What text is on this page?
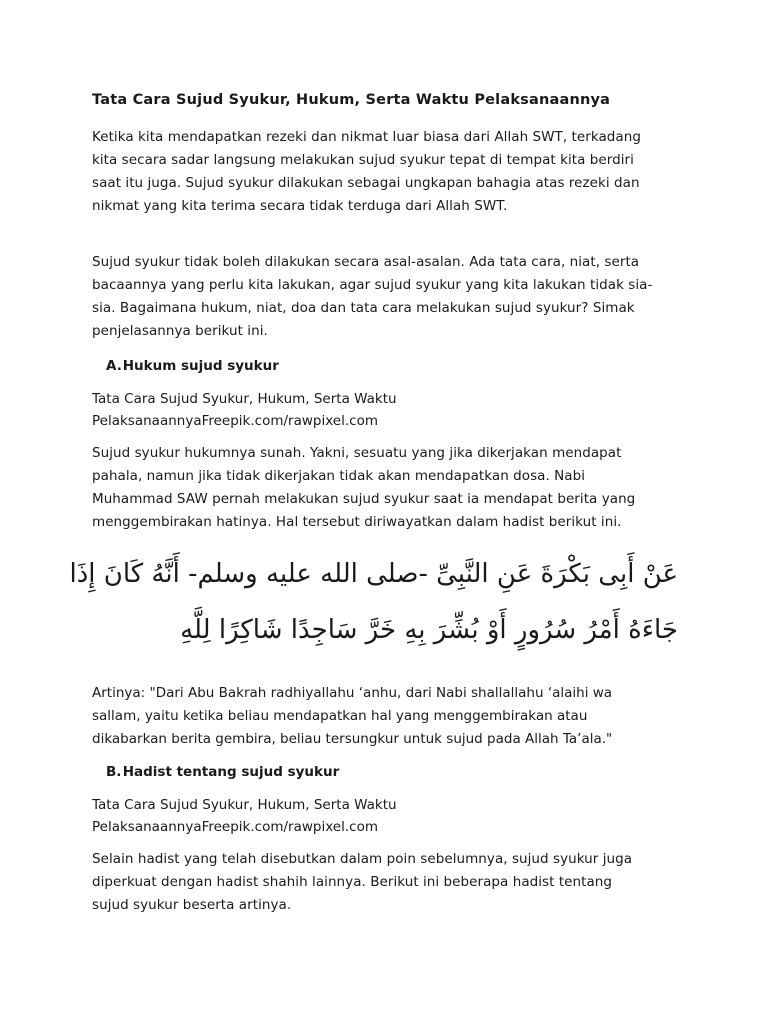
Tata Cara Sujud Syukur, Hukum, Serta Waktu Pelaksanaannya

Ketika kita mendapatkan rezeki dan nikmat luar biasa dari Allah SWT, terkadang
kita secara sadar langsung melakukan sujud syukur tepat di tempat kita berdiri
saat itu juga. Sujud syukur dilakukan sebagai ungkapan bahagia atas rezeki dan
nikmat yang kita terima secara tidak terduga dari Allah SWT.

Sujud syukur tidak boleh dilakukan secara asal-asalan. Ada tata cara, niat, serta
bacaannya yang perlu kita lakukan, agar sujud syukur yang kita lakukan tidak sia-
sia. Bagaimana hukum, niat, doa dan tata cara melakukan sujud syukur? Simak
penjelasannya berikut ini.

A. Hukum sujud syukur
Tata Cara Sujud Syukur, Hukum, Serta Waktu
PelaksanaannyaFreepik.com/rawpixel.com

Sujud syukur hukumnya sunah. Yakni, sesuatu yang jika dikerjakan mendapat
pahala, namun jika tidak dikerjakan tidak akan mendapatkan dosa. Nabi
Muhammad SAW pernah melakukan sujud syukur saat ia mendapat berita yang
menggembirakan hatinya. Hal tersebut diriwayatkan dalam hadist berikut ini.

عَنْ أَبِى بَكْرَةَ عَنِ النَّبِىِّ -صلى الله عليه وسلم- أَنَّهُ كَانَ إِذَا
جَاءَهُ أَمْرُ سُرُورٍ أَوْ بُشِّرَ بِهِ خَرَّ سَاجِدًا شَاكِرًا لِلَّهِ

Artinya: "Dari Abu Bakrah radhiyallahu ‘anhu, dari Nabi shallallahu ‘alaihi wa
sallam, yaitu ketika beliau mendapatkan hal yang menggembirakan atau
dikabarkan berita gembira, beliau tersungkur untuk sujud pada Allah Ta’ala."

B. Hadist tentang sujud syukur
Tata Cara Sujud Syukur, Hukum, Serta Waktu
PelaksanaannyaFreepik.com/rawpixel.com

Selain hadist yang telah disebutkan dalam poin sebelumnya, sujud syukur juga
diperkuat dengan hadist shahih lainnya. Berikut ini beberapa hadist tentang
sujud syukur beserta artinya.
